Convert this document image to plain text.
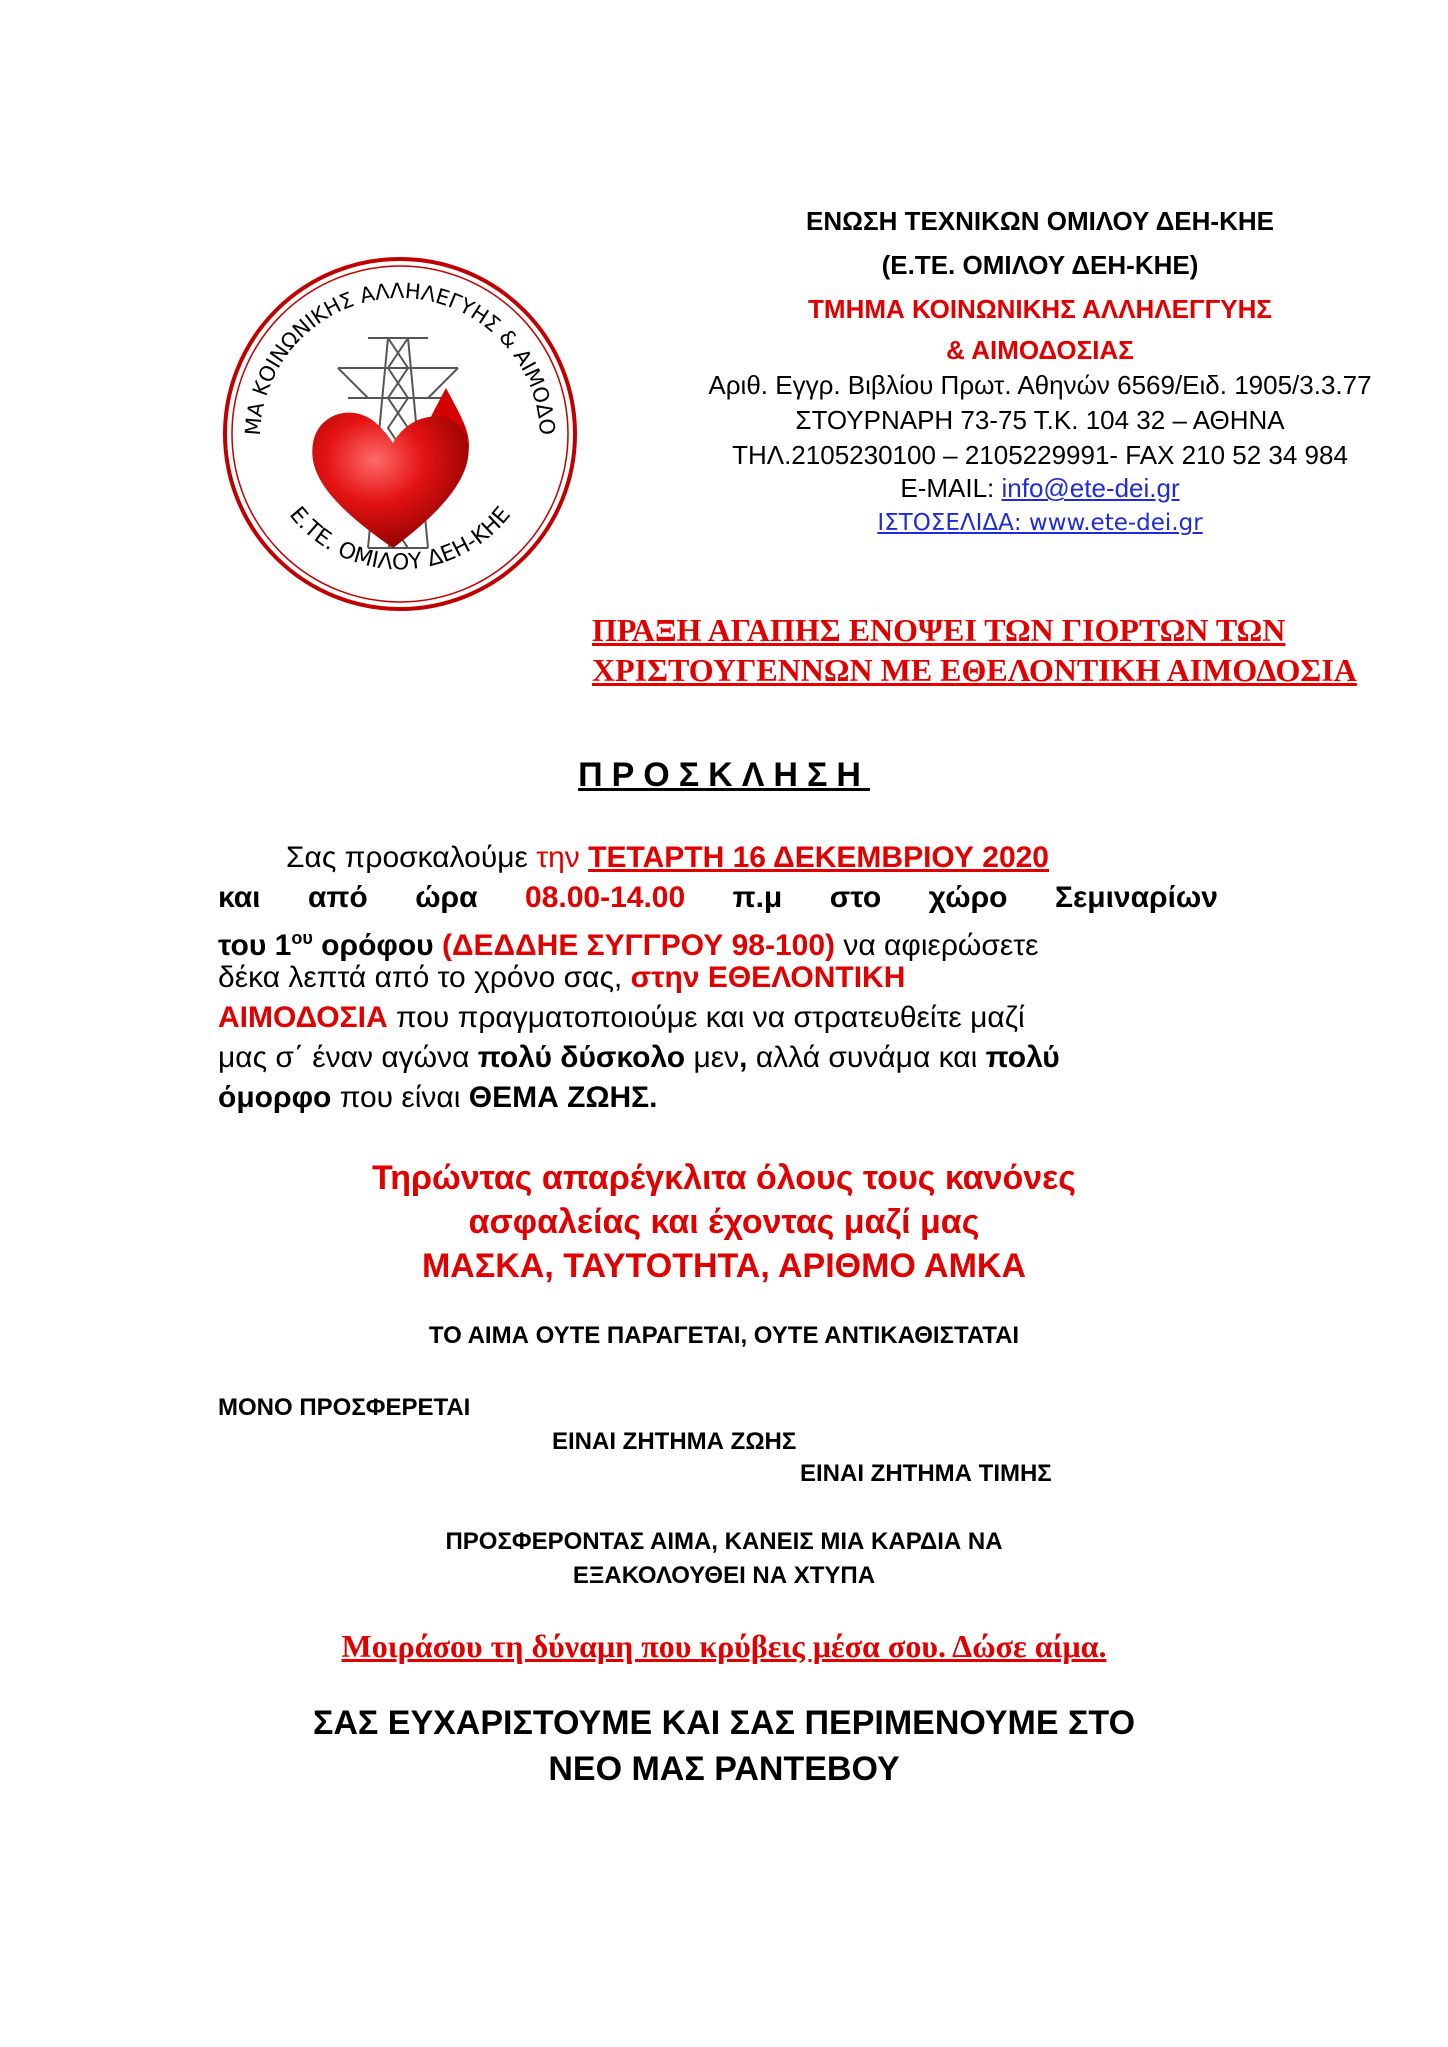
ΜΑ ΚΟΙΝΩΝΙΚΗΣ ΑΛΛΗΛΕΓΥΗΣ & ΑΙΜΟΔΟ
Ε.ΤΕ. ΟΜΙΛΟΥ ΔΕΗ-ΚΗΕ
ΕΝΩΣΗ ΤΕΧΝΙΚΩΝ ΟΜΙΛΟΥ ΔΕΗ-ΚΗΕ
(Ε.ΤΕ. ΟΜΙΛΟΥ ΔΕΗ-ΚΗΕ)
ΤΜΗΜΑ ΚΟΙΝΩΝΙΚΗΣ ΑΛΛΗΛΕΓΓΥΗΣ
& ΑΙΜΟΔΟΣΙΑΣ
Αριθ. Εγγρ. Βιβλίου Πρωτ. Αθηνών 6569/Ειδ. 1905/3.3.77
ΣΤΟΥΡΝΑΡΗ 73-75 Τ.Κ. 104 32 – ΑΘΗΝΑ
ΤΗΛ.2105230100 – 2105229991- FAX 210 52 34 984
E-MAIL: info@ete-dei.gr
ΙΣΤΟΣΕΛΙΔΑ: www.ete-dei.gr
ΠΡΑΞΗ ΑΓΑΠΗΣ ΕΝΟΨΕΙ ΤΩΝ ΓΙΟΡΤΩΝ ΤΩΝ
ΧΡΙΣΤΟΥΓΕΝΝΩΝ ΜΕ ΕΘΕΛΟΝΤΙΚΗ ΑΙΜΟΔΟΣΙΑ
ΠΡΟΣΚΛΗΣΗ
Σας προσκαλούμε την ΤΕΤΑΡΤΗ 16 ΔΕΚΕΜΒΡΙΟΥ 2020
και από ώρα 08.00-14.00 π.μ στο χώρο Σεμιναρίων
του $1^{o\upsilon}$ ορόφου (ΔΕΔΔΗΕ ΣΥΓΓΡΟΥ 98-100) να αφιερώσετε
δέκα λεπτά από το χρόνο σας, στην ΕΘΕΛΟΝΤΙΚΗ
ΑΙΜΟΔΟΣΙΑ που πραγματοποιούμε και να στρατευθείτε μαζί
μας σ΄ έναν αγώνα πολύ δύσκολο μεν, αλλά συνάμα και πολύ
όμορφο που είναι ΘΕΜΑ ΖΩΗΣ.
Τηρώντας απαρέγκλιτα όλους τους κανόνες
ασφαλείας και έχοντας μαζί μας
ΜΑΣΚΑ, ΤΑΥΤΟΤΗΤΑ, ΑΡΙΘΜΟ ΑΜΚΑ
ΤΟ ΑΙΜΑ ΟΥΤΕ ΠΑΡΑΓΕΤΑΙ, ΟΥΤΕ ΑΝΤΙΚΑΘΙΣΤΑΤΑΙ
ΜΟΝΟ ΠΡΟΣΦΕΡΕΤΑΙ
ΕΙΝΑΙ ΖΗΤΗΜΑ ΖΩΗΣ
ΕΙΝΑΙ ΖΗΤΗΜΑ ΤΙΜΗΣ
ΠΡΟΣΦΕΡΟΝΤΑΣ ΑΙΜΑ, ΚΑΝΕΙΣ ΜΙΑ ΚΑΡΔΙΑ ΝΑ
ΕΞΑΚΟΛΟΥΘΕΙ ΝΑ ΧΤΥΠΑ
Μοιράσου τη δύναμη που κρύβεις μέσα σου. Δώσε αίμα.
ΣΑΣ ΕΥΧΑΡΙΣΤΟΥΜΕ ΚΑΙ ΣΑΣ ΠΕΡΙΜΕΝΟΥΜΕ ΣΤΟ
ΝΕΟ ΜΑΣ ΡΑΝΤΕΒΟΥ
